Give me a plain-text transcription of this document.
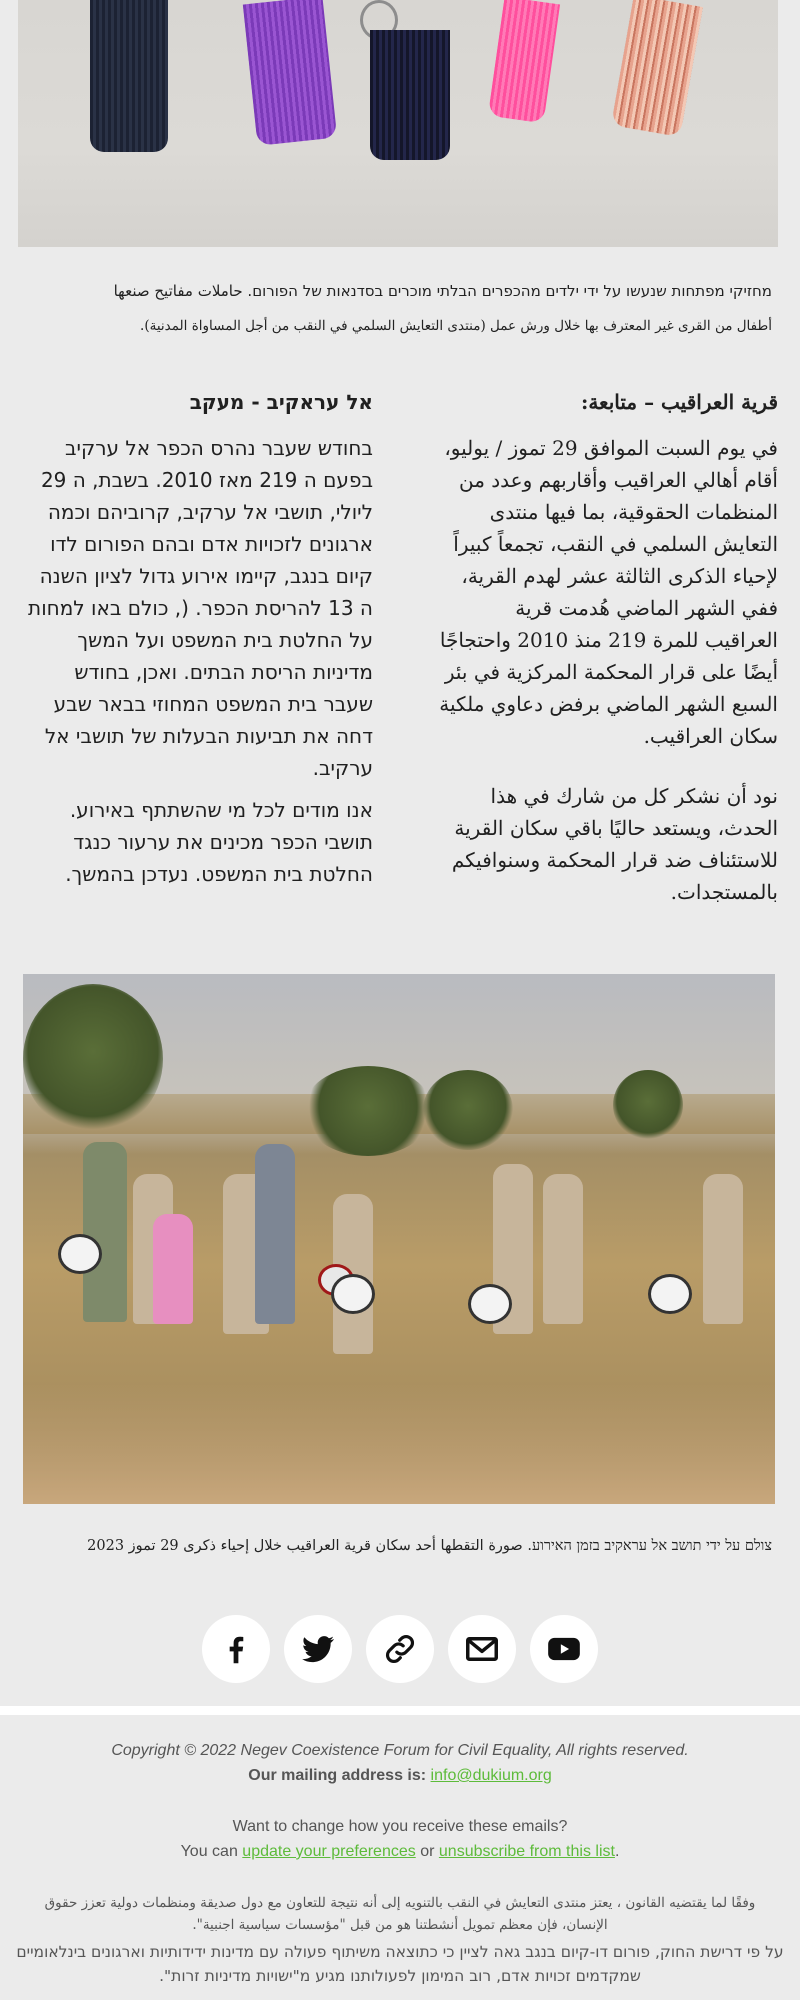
מחזיקי מפתחות שנעשו על ידי ילדים מהכפרים הבלתי מוכרים בסדנאות של הפורום. حاملات مفاتيح صنعها
أطفال من القرى غير المعترف بها خلال ورش عمل (منتدى التعايش السلمي في النقب من أجل المساواة المدنية).
قرية العراقيب – متابعة:

في يوم السبت الموافق 29 تموز / يوليو، أقام أهالي العراقيب وأقاربهم وعدد من المنظمات الحقوقية، بما فيها منتدى التعايش السلمي في النقب، تجمعاً كبيراً لإحياء الذكرى الثالثة عشر لهدم القرية، ففي الشهر الماضي هُدمت قرية العراقيب للمرة 219 منذ 2010 واحتجاجًا أيضًا على قرار المحكمة المركزية في بئر السبع الشهر الماضي برفض دعاوي ملكية سكان العراقيب.

نود أن نشكر كل من شارك في هذا الحدث، ويستعد حاليًا باقي سكان القرية للاستئناف ضد قرار المحكمة وسنوافيكم بالمستجدات.

אל עראקיב - מעקב

בחודש שעבר נהרס הכפר אל ערקיב בפעם ה 219 מאז 2010. בשבת, ה 29 ליולי, תושבי אל ערקיב, קרוביהם וכמה ארגונים לזכויות אדם ובהם הפורום לדו קיום בנגב, קיימו אירוע גדול לציון השנה ה 13 להריסת הכפר. (, כולם באו למחות על החלטת בית המשפט ועל המשך מדיניות הריסת הבתים. ואכן, בחודש שעבר בית המשפט המחוזי בבאר שבע דחה את תביעות הבעלות של תושבי אל ערקיב.

אנו מודים לכל מי שהשתתף באירוע. תושבי הכפר מכינים את ערעור כנגד החלטת בית המשפט. נעדכן בהמשך.

צולם על ידי תושב אל עראקיב בזמן האירוע. صورة التقطها أحد سكان قرية العراقيب خلال إحياء ذكرى 29 تموز 2023
Copyright © 2022 Negev Coexistence Forum for Civil Equality, All rights reserved.
Our mailing address is: info@dukium.org
Want to change how you receive these emails?
You can update your preferences or unsubscribe from this list.
وفقًا لما يقتضيه القانون ، يعتز منتدى التعايش في النقب بالتنويه إلى أنه نتيجة للتعاون مع دول صديقة ومنظمات دولية تعزز حقوق الإنسان، فإن معظم تمويل أنشطتنا هو من قبل "مؤسسات سياسية اجنبية".
על פי דרישת החוק, פורום דו-קיום בנגב גאה לציין כי כתוצאה משיתוף פעולה עם מדינות ידידותיות וארגונים בינלאומיים שמקדמים זכויות אדם, רוב המימון לפעולותנו מגיע מ"ישויות מדיניות זרות".
